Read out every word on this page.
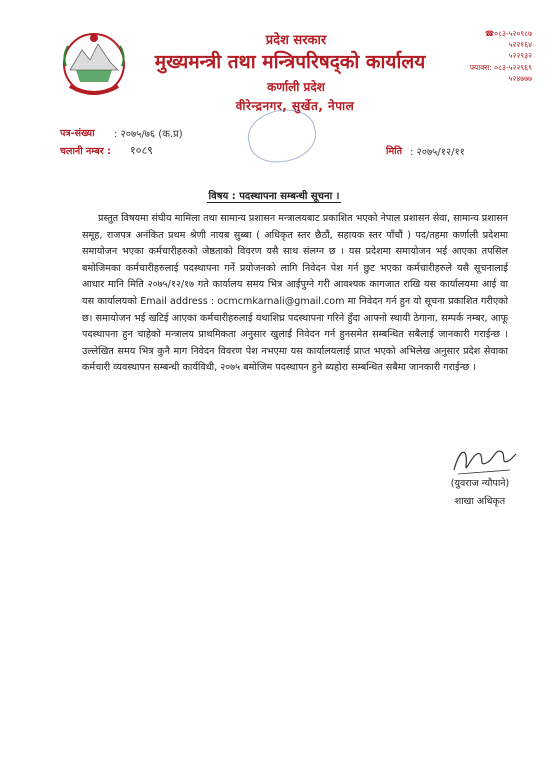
प्रदेश सरकार
मुख्यमन्त्री तथा मन्त्रिपरिषद्को कार्यालय
कर्णाली प्रदेश
वीरेन्द्रनगर, सुर्खेत, नेपाल
☎०८३-५२०९८७
५२२१६४
५२२९३२
फ्याक्स: ०८३-५२२९६९
५२४७७७

पत्र-संख्या : २०७५/७६ (क.प्र)
चलानी नम्बर : १०८९	मिति : २०७५/१२/११
विषय : पदस्थापना सम्बन्धी सूचना ।
प्रस्तुत विषयमा संघीय मामिला तथा सामान्य प्रशासन मन्त्रालयबाट प्रकाशित भएको नेपाल प्रशासन सेवा, सामान्य प्रशासन समूह, राजपत्र अनंकित प्रथम श्रेणी नायब सुब्बा ( अधिकृत स्तर छैठौं, सहायक स्तर पाँचौं ) पद/तहमा कर्णाली प्रदेशमा समायोजन भएका कर्मचारीहरुको जेष्ठताको विवरण यसै साथ संलग्न छ । यस प्रदेशमा समायोजन भई आएका तपसिल बमोजिमका कर्मचारीहरुलाई पदस्थापना गर्ने प्रयोजनको लागि निवेदन पेश गर्न छुट भएका कर्मचारीहरुले यसै सूचनालाई आधार मानि मिति २०७५/१२/१७ गते कार्यालय समय भित्र आईपुग्ने गरी आवश्यक कागजात राखि यस कार्यालयमा आई वा यस कार्यालयको Email address : ocmcmkarnali@gmail.com मा निवेदन गर्न हुन यो सूचना प्रकाशित गरीएको छ। समायोजन भई खटिई आएका कर्मचारीहरुलाई यथाशिघ्र पदस्थापना गरिने हुँदा आफ्नो स्थायी ठेगाना, सम्पर्क नम्बर, आफू पदस्थापना हुन चाहेको मन्त्रालय प्राथमिकता अनुसार खुलाई निवेदन गर्न हुनसमेत सम्बन्धित सबैलाई जानकारी गराईन्छ ।उल्लेखित समय भित्र कुनै माग निवेदन विवरण पेश नभएमा यस कार्यालयलाई प्राप्त भएको अभिलेख अनुसार प्रदेश सेवाका कर्मचारी व्यवस्थापन सम्बन्धी कार्यविधी, २०७५ बमोजिम पदस्थापन हुने ब्यहोरा सम्बन्धित सबैमा जानकारी गराईन्छ ।
(युवराज न्यौपाने)
शाखा अधिकृत
